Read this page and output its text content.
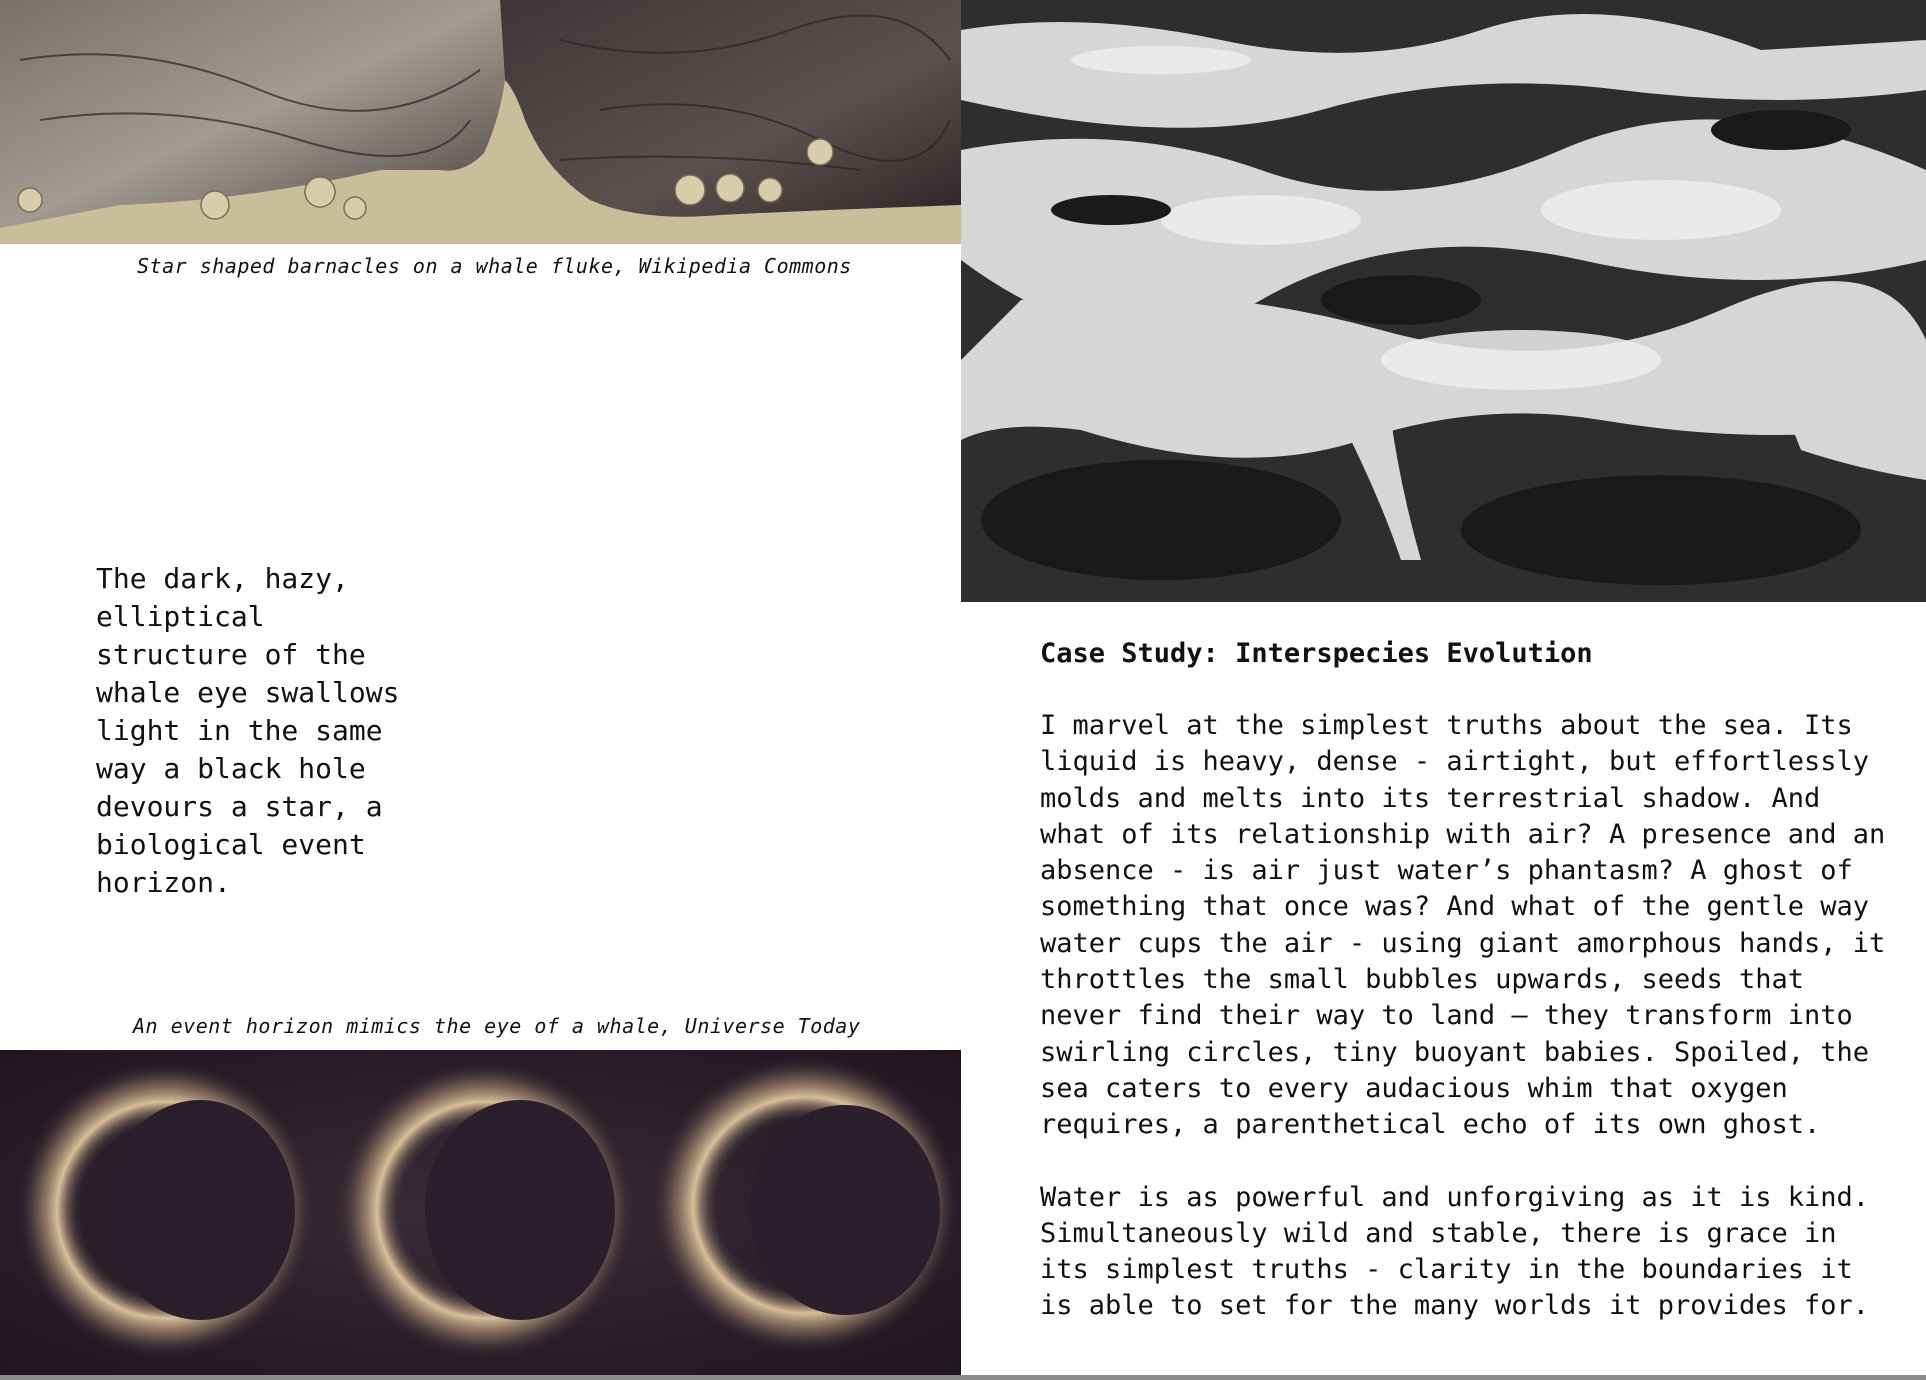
Star shaped barnacles on a whale fluke, Wikipedia Commons

The dark, hazy, elliptical structure of the whale eye swallows light in the same way a black hole devours a star, a biological event horizon.

An event horizon mimics the eye of a whale, Universe Today
Case Study: Interspecies Evolution

I marvel at the simplest truths about the sea. Its liquid is heavy, dense - airtight, but effortlessly molds and melts into its terrestrial shadow. And what of its relationship with air? A presence and an absence - is air just water’s phantasm? A ghost of something that once was? And what of the gentle way water cups the air - using giant amorphous hands, it throttles the small bubbles upwards, seeds that never find their way to land — they transform into swirling circles, tiny buoyant babies. Spoiled, the sea caters to every audacious whim that oxygen requires, a parenthetical echo of its own ghost.

Water is as powerful and unforgiving as it is kind. Simultaneously wild and stable, there is grace in its simplest truths - clarity in the boundaries it is able to set for the many worlds it provides for.
